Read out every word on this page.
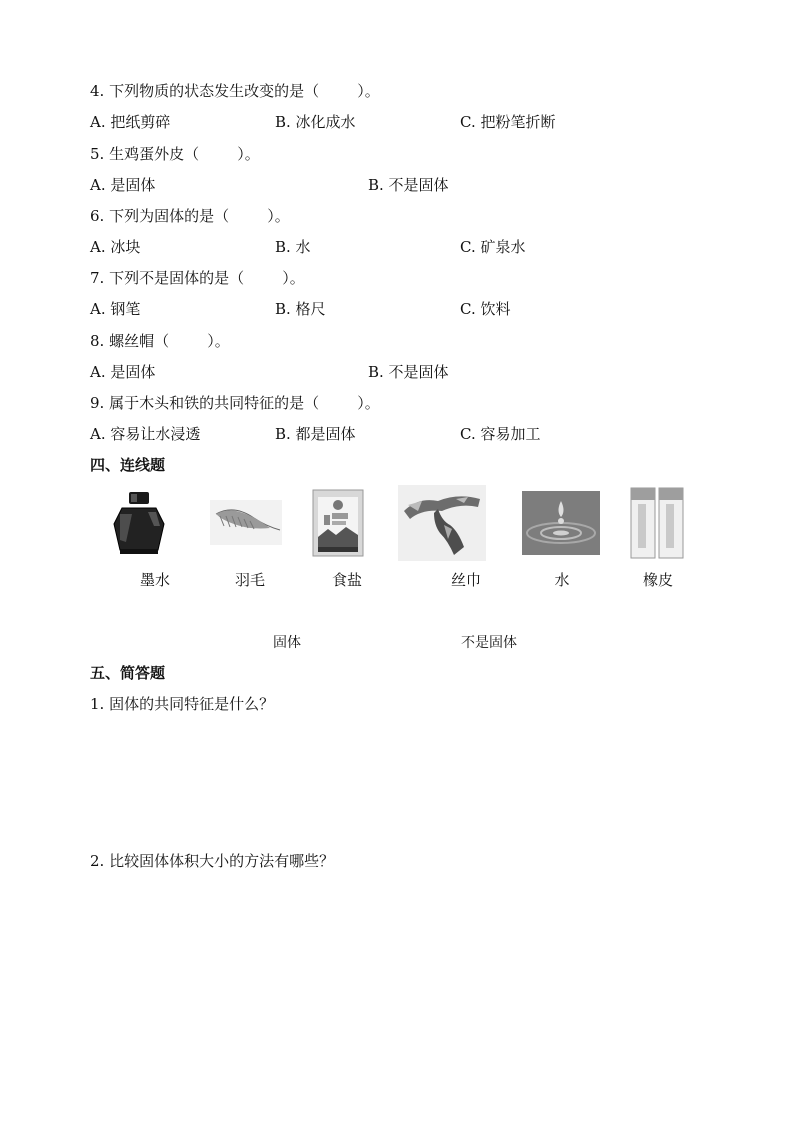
4. 下列物质的状态发生改变的是（        ）。
A. 把纸剪碎	B. 冰化成水	C. 把粉笔折断
5. 生鸡蛋外皮（        ）。
A. 是固体	B. 不是固体
6. 下列为固体的是（        ）。
A. 冰块	B. 水	C. 矿泉水
7. 下列不是固体的是（        ）。
A. 钢笔	B. 格尺	C. 饮料
8. 螺丝帽（        ）。
A. 是固体	B. 不是固体
9. 属于木头和铁的共同特征的是（        ）。
A. 容易让水浸透	B. 都是固体	C. 容易加工
四、连线题
墨水	羽毛	食盐	丝巾	水	橡皮
固体	不是固体
五、简答题
1. 固体的共同特征是什么？
2. 比较固体体积大小的方法有哪些？
